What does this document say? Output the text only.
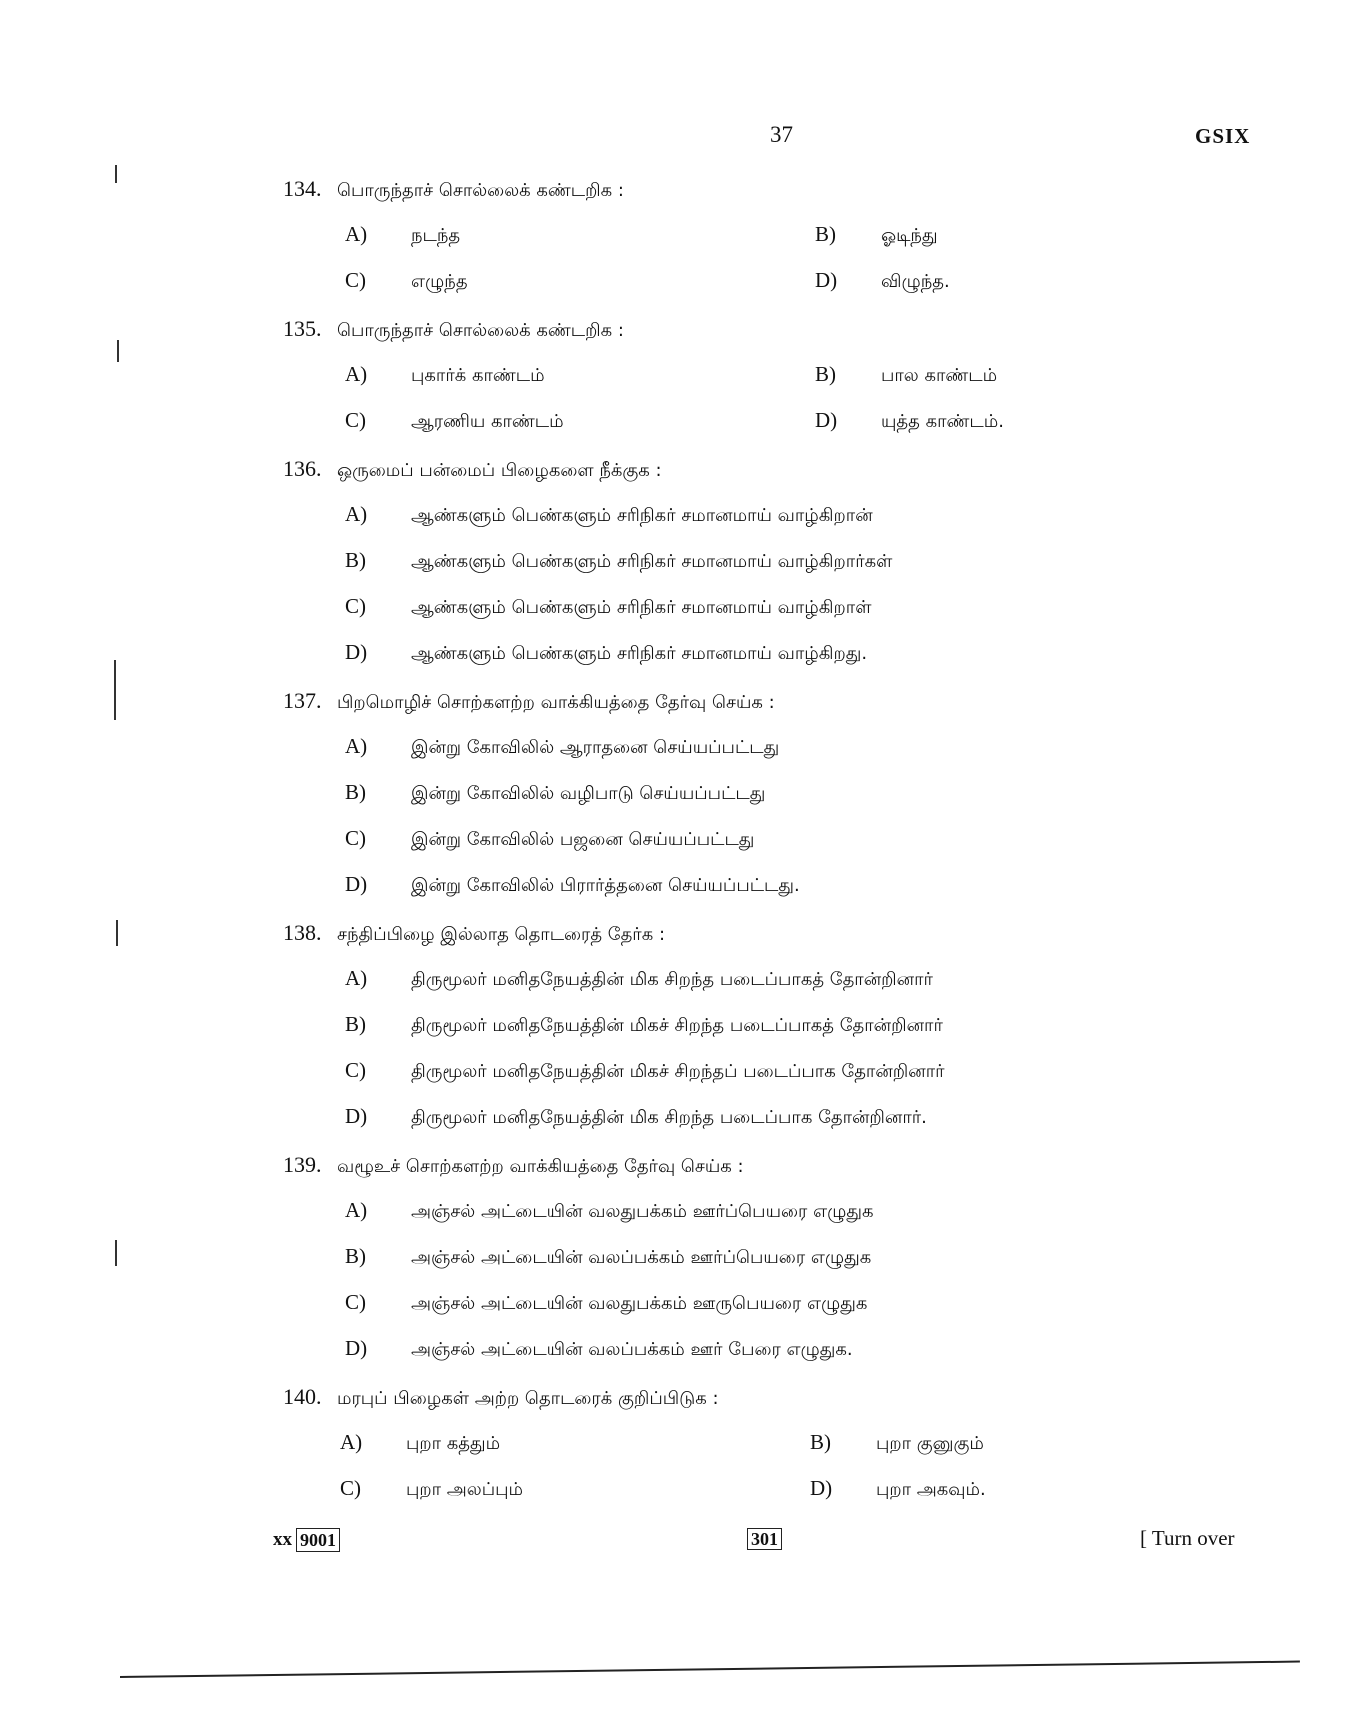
37	GSIX
134. பொருந்தாச் சொல்லைக் கண்டறிக :
A)	நடந்த	B)	ஓடிந்து
C)	எழுந்த	D)	விழுந்த.
135. பொருந்தாச் சொல்லைக் கண்டறிக :
A)	புகார்க் காண்டம்	B)	பால காண்டம்
C)	ஆரணிய காண்டம்	D)	யுத்த காண்டம்.
136. ஒருமைப் பன்மைப் பிழைகளை நீக்குக :
A)	ஆண்களும் பெண்களும் சரிநிகர் சமானமாய் வாழ்கிறான்
B)	ஆண்களும் பெண்களும் சரிநிகர் சமானமாய் வாழ்கிறார்கள்
C)	ஆண்களும் பெண்களும் சரிநிகர் சமானமாய் வாழ்கிறாள்
D)	ஆண்களும் பெண்களும் சரிநிகர் சமானமாய் வாழ்கிறது.
137. பிறமொழிச் சொற்களற்ற வாக்கியத்தை தேர்வு செய்க :
A)	இன்று கோவிலில் ஆராதனை செய்யப்பட்டது
B)	இன்று கோவிலில் வழிபாடு செய்யப்பட்டது
C)	இன்று கோவிலில் பஜனை செய்யப்பட்டது
D)	இன்று கோவிலில் பிரார்த்தனை செய்யப்பட்டது.
138. சந்திப்பிழை இல்லாத தொடரைத் தேர்க :
A)	திருமூலர் மனிதநேயத்தின் மிக சிறந்த படைப்பாகத் தோன்றினார்
B)	திருமூலர் மனிதநேயத்தின் மிகச் சிறந்த படைப்பாகத் தோன்றினார்
C)	திருமூலர் மனிதநேயத்தின் மிகச் சிறந்தப் படைப்பாக தோன்றினார்
D)	திருமூலர் மனிதநேயத்தின் மிக சிறந்த படைப்பாக தோன்றினார்.
139. வழூஉச் சொற்களற்ற வாக்கியத்தை தேர்வு செய்க :
A)	அஞ்சல் அட்டையின் வலதுபக்கம் ஊர்ப்பெயரை எழுதுக
B)	அஞ்சல் அட்டையின் வலப்பக்கம் ஊர்ப்பெயரை எழுதுக
C)	அஞ்சல் அட்டையின் வலதுபக்கம் ஊருபெயரை எழுதுக
D)	அஞ்சல் அட்டையின் வலப்பக்கம் ஊர் பேரை எழுதுக.
140. மரபுப் பிழைகள் அற்ற தொடரைக் குறிப்பிடுக :
A)	புறா கத்தும்	B)	புறா குனுகும்
C)	புறா அலப்பும்	D)	புறா அகவும்.
xx 9001	301	[ Turn over
